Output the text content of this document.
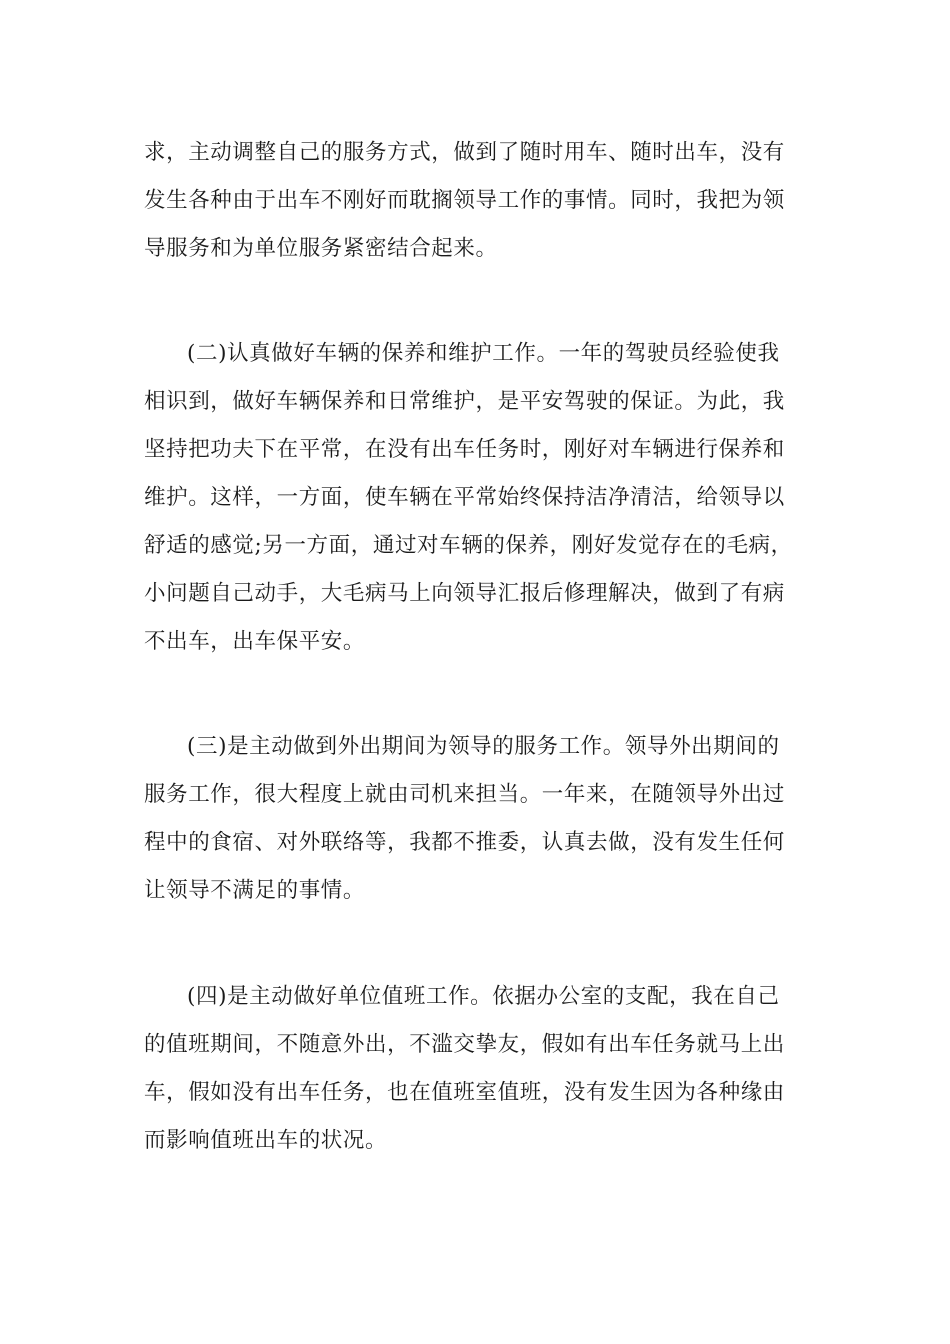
求，主动调整自己的服务方式，做到了随时用车、随时出车，没有
发生各种由于出车不刚好而耽搁领导工作的事情。同时，我把为领
导服务和为单位服务紧密结合起来。
(二)认真做好车辆的保养和维护工作。一年的驾驶员经验使我
相识到，做好车辆保养和日常维护，是平安驾驶的保证。为此，我
坚持把功夫下在平常，在没有出车任务时，刚好对车辆进行保养和
维护。这样，一方面，使车辆在平常始终保持洁净清洁，给领导以
舒适的感觉;另一方面，通过对车辆的保养，刚好发觉存在的毛病，
小问题自己动手，大毛病马上向领导汇报后修理解决，做到了有病
不出车，出车保平安。
(三)是主动做到外出期间为领导的服务工作。领导外出期间的
服务工作，很大程度上就由司机来担当。一年来，在随领导外出过
程中的食宿、对外联络等，我都不推委，认真去做，没有发生任何
让领导不满足的事情。
(四)是主动做好单位值班工作。依据办公室的支配，我在自己
的值班期间，不随意外出，不滥交挚友，假如有出车任务就马上出
车，假如没有出车任务，也在值班室值班，没有发生因为各种缘由
而影响值班出车的状况。
